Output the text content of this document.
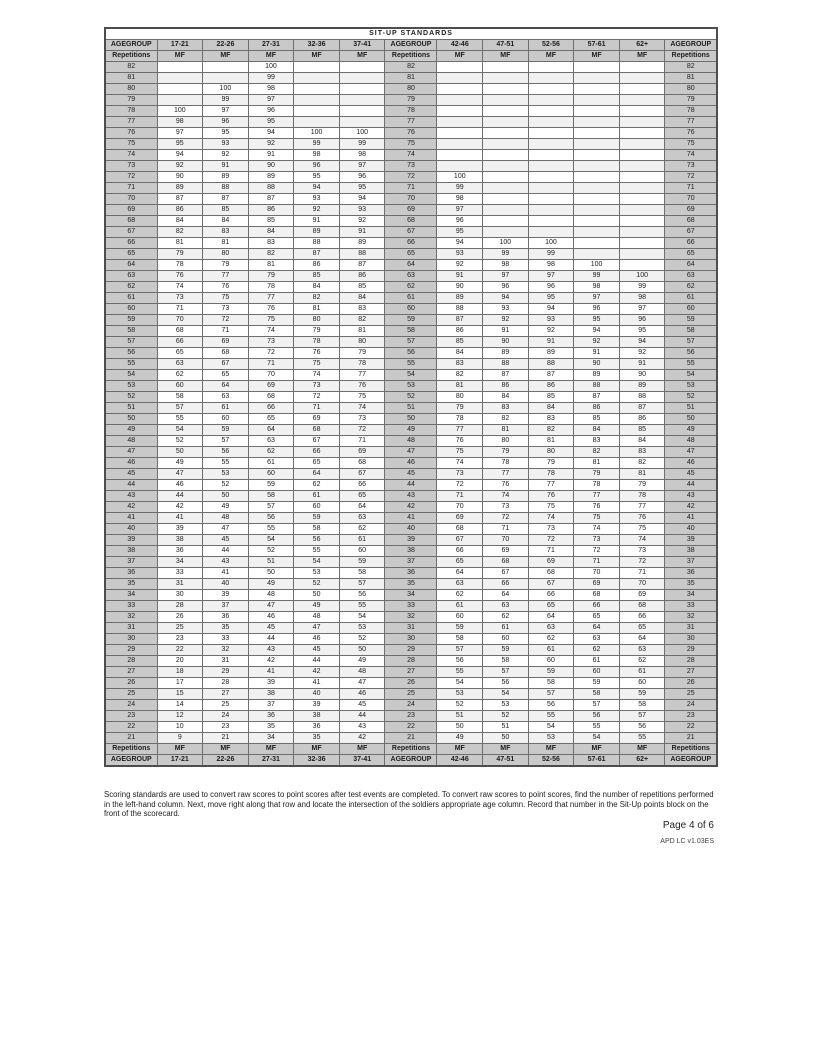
SIT-UP STANDARDS												
AGEGROUP	17-21	22-26	27-31	32-36	37-41	AGEGROUP	42-46	47-51	52-56	57-61	62+	AGEGROUP
Repetitions	MF	MF	MF	MF	MF	Repetitions	MF	MF	MF	MF	MF	Repetitions
82			100			82						82
81			99			81						81
80		100	98			80						80
79		99	97			79						79
78	100	97	96			78						78
77	98	96	95			77						77
76	97	95	94	100	100	76						76
75	95	93	92	99	99	75						75
74	94	92	91	98	98	74						74
73	92	91	90	96	97	73						73
72	90	89	89	95	96	72	100					72
71	89	88	88	94	95	71	99					71
70	87	87	87	93	94	70	98					70
69	86	85	86	92	93	69	97					69
68	84	84	85	91	92	68	96					68
67	82	83	84	89	91	67	95					67
66	81	81	83	88	89	66	94	100	100			66
65	79	80	82	87	88	65	93	99	99			65
64	78	79	81	86	87	64	92	98	98	100		64
63	76	77	79	85	86	63	91	97	97	99	100	63
62	74	76	78	84	85	62	90	96	96	98	99	62
61	73	75	77	82	84	61	89	94	95	97	98	61
60	71	73	76	81	83	60	88	93	94	96	97	60
59	70	72	75	80	82	59	87	92	93	95	96	59
58	68	71	74	79	81	58	86	91	92	94	95	58
57	66	69	73	78	80	57	85	90	91	92	94	57
56	65	68	72	76	79	56	84	89	89	91	92	56
55	63	67	71	75	78	55	83	88	88	90	91	55
54	62	65	70	74	77	54	82	87	87	89	90	54
53	60	64	69	73	76	53	81	86	86	88	89	53
52	58	63	68	72	75	52	80	84	85	87	88	52
51	57	61	66	71	74	51	79	83	84	86	87	51
50	55	60	65	69	73	50	78	82	83	85	86	50
49	54	59	64	68	72	49	77	81	82	84	85	49
48	52	57	63	67	71	48	76	80	81	83	84	48
47	50	56	62	66	69	47	75	79	80	82	83	47
46	49	55	61	65	68	46	74	78	79	81	82	46
45	47	53	60	64	67	45	73	77	78	79	81	45
44	46	52	59	62	66	44	72	76	77	78	79	44
43	44	50	58	61	65	43	71	74	76	77	78	43
42	42	49	57	60	64	42	70	73	75	76	77	42
41	41	48	56	59	63	41	69	72	74	75	76	41
40	39	47	55	58	62	40	68	71	73	74	75	40
39	38	45	54	56	61	39	67	70	72	73	74	39
38	36	44	52	55	60	38	66	69	71	72	73	38
37	34	43	51	54	59	37	65	68	69	71	72	37
36	33	41	50	53	58	36	64	67	68	70	71	36
35	31	40	49	52	57	35	63	66	67	69	70	35
34	30	39	48	50	56	34	62	64	66	68	69	34
33	28	37	47	49	55	33	61	63	65	66	68	33
32	26	36	46	48	54	32	60	62	64	65	66	32
31	25	35	45	47	53	31	59	61	63	64	65	31
30	23	33	44	46	52	30	58	60	62	63	64	30
29	22	32	43	45	50	29	57	59	61	62	63	29
28	20	31	42	44	49	28	56	58	60	61	62	28
27	18	29	41	42	48	27	55	57	59	60	61	27
26	17	28	39	41	47	26	54	56	58	59	60	26
25	15	27	38	40	46	25	53	54	57	58	59	25
24	14	25	37	39	45	24	52	53	56	57	58	24
23	12	24	36	38	44	23	51	52	55	56	57	23
22	10	23	35	36	43	22	50	51	54	55	56	22
21	9	21	34	35	42	21	49	50	53	54	55	21
Repetitions	MF	MF	MF	MF	MF	Repetitions	MF	MF	MF	MF	MF	Repetitions
AGEGROUP	17-21	22-26	27-31	32-36	37-41	AGEGROUP	42-46	47-51	52-56	57-61	62+	AGEGROUP
Scoring standards are used to convert raw scores to point scores after test events are completed. To convert raw scores to point scores, find the number of repetitions performed in the left-hand column. Next, move right along that row and locate the intersection of the soldiers appropriate age column. Record that number in the Sit-Up points block on the front of the scorecard.
Page 4 of 6
APD LC v1.03ES
